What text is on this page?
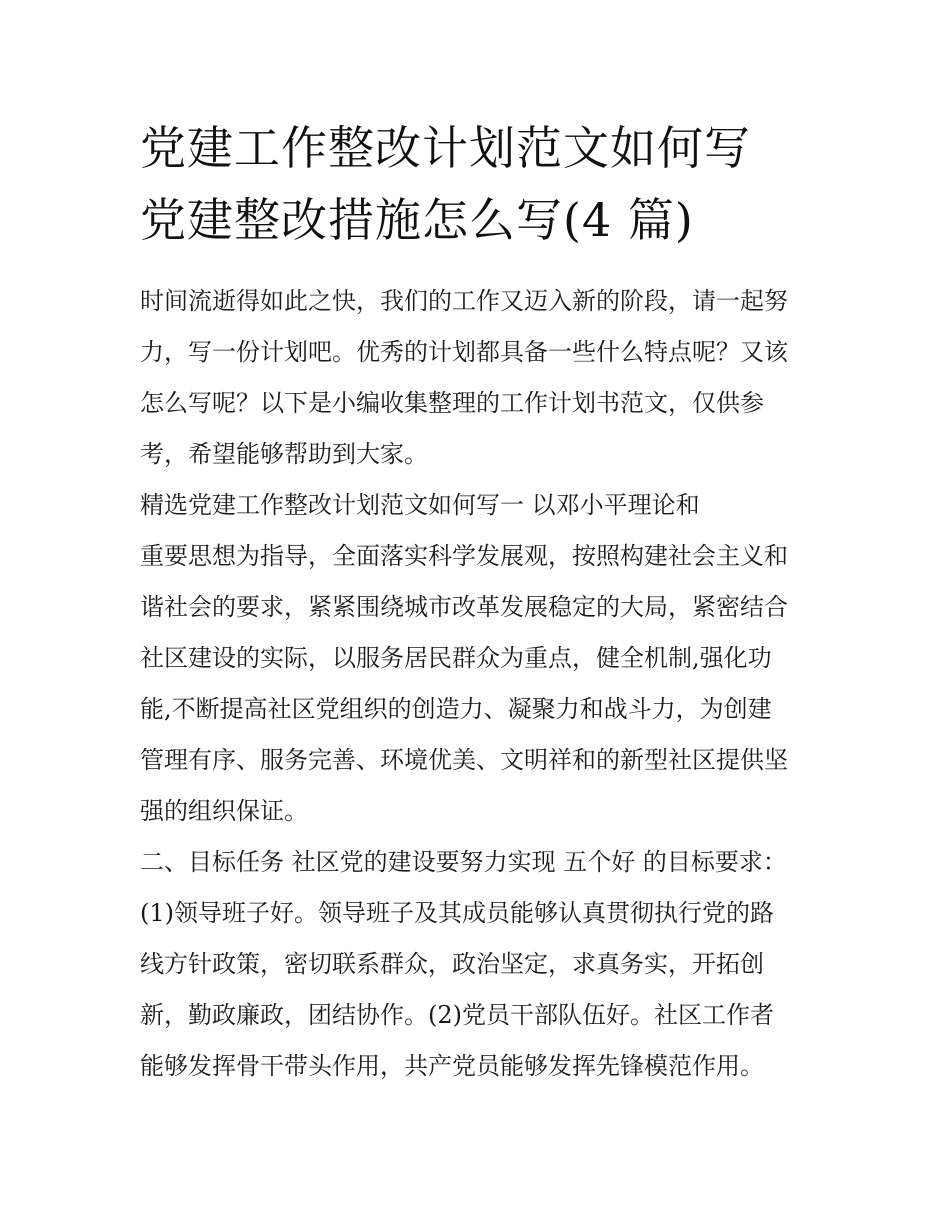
党建工作整改计划范文如何写
党建整改措施怎么写(4 篇)
时间流逝得如此之快，我们的工作又迈入新的阶段，请一起努
力，写一份计划吧。优秀的计划都具备一些什么特点呢？又该
怎么写呢？以下是小编收集整理的工作计划书范文，仅供参
考，希望能够帮助到大家。
精选党建工作整改计划范文如何写一 以邓小平理论和
重要思想为指导，全面落实科学发展观，按照构建社会主义和
谐社会的要求，紧紧围绕城市改革发展稳定的大局，紧密结合
社区建设的实际，以服务居民群众为重点，健全机制,强化功
能,不断提高社区党组织的创造力、凝聚力和战斗力，为创建
管理有序、服务完善、环境优美、文明祥和的新型社区提供坚
强的组织保证。
二、目标任务 社区党的建设要努力实现 五个好 的目标要求：
(1)领导班子好。领导班子及其成员能够认真贯彻执行党的路
线方针政策，密切联系群众，政治坚定，求真务实，开拓创
新，勤政廉政，团结协作。(2)党员干部队伍好。社区工作者
能够发挥骨干带头作用，共产党员能够发挥先锋模范作用。
